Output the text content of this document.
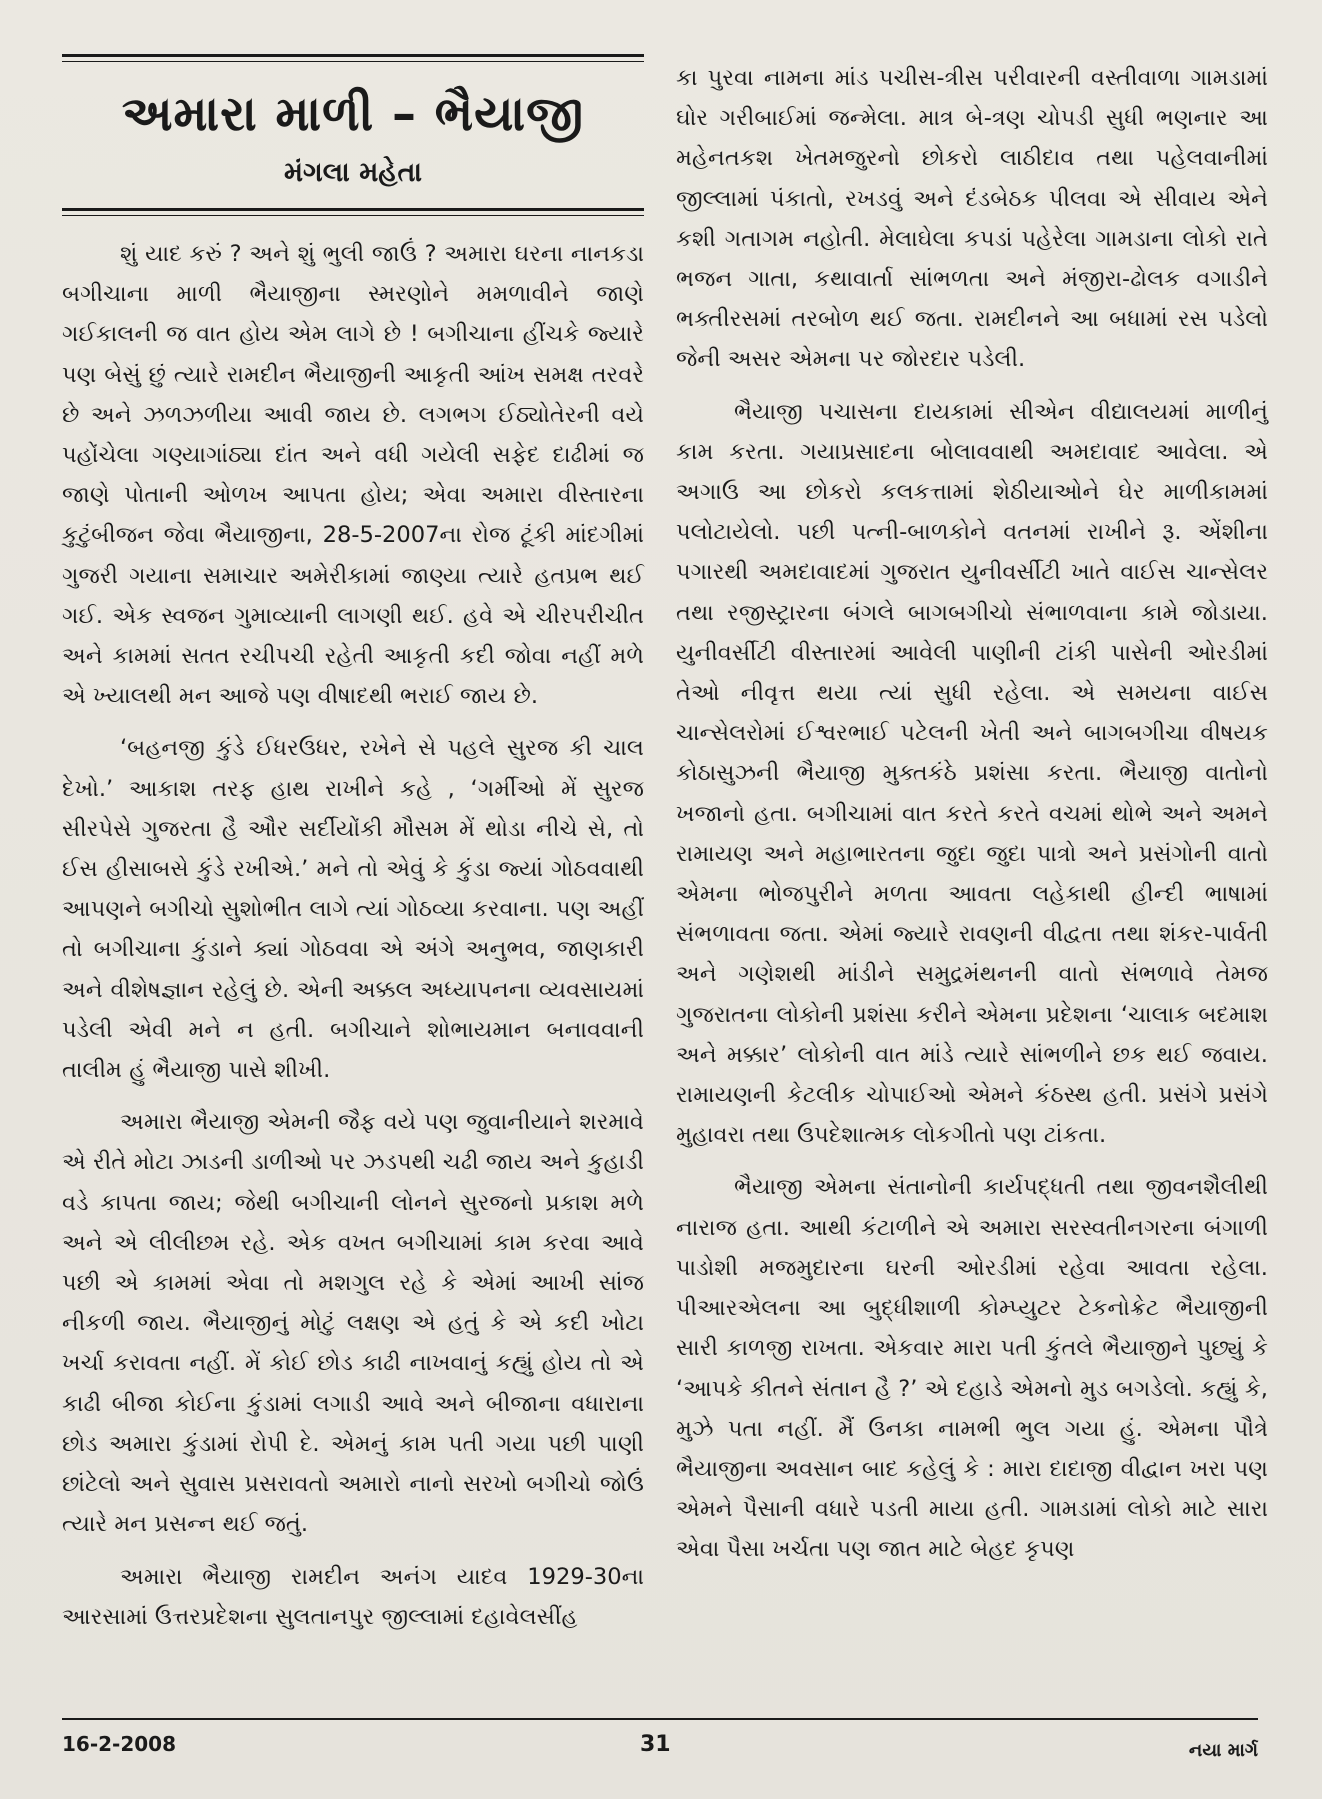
અમારા માળી – ભૈયાજી
મંગલા મહેતા

શું યાદ કરું ? અને શું ભુલી જાઉં ? અમારા ઘરના નાનકડા બગીચાના માળી ભૈયાજીના સ્મરણોને મમળાવીને જાણે ગઈકાલની જ વાત હોય એમ લાગે છે ! બગીચાના હીંચકે જ્યારે પણ બેસું છું ત્યારે રામદીન ભૈયાજીની આકૃતી આંખ સમક્ષ તરવરે છે અને ઝળઝળીયા આવી જાય છે. લગભગ ઈઠ્યોતેરની વયે પહોંચેલા ગણ્યાગાંઠ્યા દાંત અને વધી ગયેલી સફેદ દાઢીમાં જ જાણે પોતાની ઓળખ આપતા હોય; એવા અમારા વીસ્તારના કુટુંબીજન જેવા ભૈયાજીના, 28-5-2007ના રોજ ટૂંકી માંદગીમાં ગુજરી ગયાના સમાચાર અમેરીકામાં જાણ્યા ત્યારે હતપ્રભ થઈ ગઈ. એક સ્વજન ગુમાવ્યાની લાગણી થઈ. હવે એ ચીરપરીચીત અને કામમાં સતત રચીપચી રહેતી આકૃતી કદી જોવા નહીં મળે એ ખ્યાલથી મન આજે પણ વીષાદથી ભરાઈ જાય છે.

‘બહનજી કુંડે ઈધરઉધર, રખેને સે પહલે સુરજ કી ચાલ દેખો.’ આકાશ તરફ હાથ રાખીને કહે , ‘ગર્મીઓ મેં સુરજ સીરપેસે ગુજરતા હૈ ઔર સર્દીયોંકી મૌસમ મેં થોડા નીચે સે, તો ઈસ હીસાબસે કુંડે રખીએ.’ મને તો એવું કે કુંડા જ્યાં ગોઠવવાથી આપણને બગીચો સુશોભીત લાગે ત્યાં ગોઠવ્યા કરવાના. પણ અહીં તો બગીચાના કુંડાને ક્યાં ગોઠવવા એ અંગે અનુભવ, જાણકારી અને વીશેષજ્ઞાન રહેલું છે. એની અક્કલ અધ્યાપનના વ્યવસાયમાં પડેલી એવી મને ન હતી. બગીચાને શોભાયમાન બનાવવાની તાલીમ હું ભૈયાજી પાસે શીખી.

અમારા ભૈયાજી એમની જૈફ વયે પણ જુવાનીયાને શરમાવે એ રીતે મોટા ઝાડની ડાળીઓ પર ઝડપથી ચઢી જાય અને કુહાડી વડે કાપતા જાય; જેથી બગીચાની લોનને સુરજનો પ્રકાશ મળે અને એ લીલીછમ રહે. એક વખત બગીચામાં કામ કરવા આવે પછી એ કામમાં એવા તો મશગુલ રહે કે એમાં આખી સાંજ નીકળી જાય. ભૈયાજીનું મોટું લક્ષણ એ હતું કે એ કદી ખોટા ખર્ચા કરાવતા નહીં. મેં કોઈ છોડ કાઢી નાખવાનું કહ્યું હોય તો એ કાઢી બીજા કોઈના કુંડામાં લગાડી આવે અને બીજાના વધારાના છોડ અમારા કુંડામાં રોપી દે. એમનું કામ પતી ગયા પછી પાણી છાંટેલો અને સુવાસ પ્રસરાવતો અમારો નાનો સરખો બગીચો જોઉં ત્યારે મન પ્રસન્ન થઈ જતું.

અમારા ભૈયાજી રામદીન અનંગ યાદવ 1929-30ના આરસામાં ઉત્તરપ્રદેશના સુલતાનપુર જીલ્લામાં દહાવેલસીંહ

કા પુરવા નામના માંડ પચીસ-ત્રીસ પરીવારની વસ્તીવાળા ગામડામાં ઘોર ગરીબાઈમાં જન્મેલા. માત્ર બે-ત્રણ ચોપડી સુધી ભણનાર આ મહેનતકશ ખેતમજુરનો છોકરો લાઠીદાવ તથા પહેલવાનીમાં જીલ્લામાં પંકાતો, રખડવું અને દંડબેઠક પીલવા એ સીવાય એને કશી ગતાગમ નહોતી. મેલાઘેલા કપડાં પહેરેલા ગામડાના લોકો રાતે ભજન ગાતા, કથાવાર્તા સાંભળતા અને મંજીરા-ઢોલક વગાડીને ભક્તીરસમાં તરબોળ થઈ જતા. રામદીનને આ બધામાં રસ પડેલો જેની અસર એમના પર જોરદાર પડેલી.

ભૈયાજી પચાસના દાયકામાં સીએન વીદ્યાલયમાં માળીનું કામ કરતા. ગયાપ્રસાદના બોલાવવાથી અમદાવાદ આવેલા. એ અગાઉ આ છોકરો કલકત્તામાં શેઠીયાઓને ઘેર માળીકામમાં પલોટાયેલો. પછી પત્ની-બાળકોને વતનમાં રાખીને રૂ. એંશીના પગારથી અમદાવાદમાં ગુજરાત યુનીવર્સીટી ખાતે વાઈસ ચાન્સેલર તથા રજીસ્ટ્રારના બંગલે બાગબગીચો સંભાળવાના કામે જોડાયા. યુનીવર્સીટી વીસ્તારમાં આવેલી પાણીની ટાંકી પાસેની ઓરડીમાં તેઓ નીવૃત્ત થયા ત્યાં સુધી રહેલા. એ સમયના વાઈસ ચાન્સેલરોમાં ઈશ્વરભાઈ પટેલની ખેતી અને બાગબગીચા વીષયક કોઠાસુઝની ભૈયાજી મુક્તકંઠે પ્રશંસા કરતા. ભૈયાજી વાતોનો ખજાનો હતા. બગીચામાં વાત કરતે કરતે વચમાં થોભે અને અમને રામાયણ અને મહાભારતના જુદા જુદા પાત્રો અને પ્રસંગોની વાતો એમના ભોજપુરીને મળતા આવતા લહેકાથી હીન્દી ભાષામાં સંભળાવતા જતા. એમાં જ્યારે રાવણની વીદ્વતા તથા શંકર-પાર્વતી અને ગણેશથી માંડીને સમુદ્રમંથનની વાતો સંભળાવે તેમજ ગુજરાતના લોકોની પ્રશંસા કરીને એમના પ્રદેશના ‘ચાલાક બદમાશ અને મક્કાર’ લોકોની વાત માંડે ત્યારે સાંભળીને છક થઈ જવાય. રામાયણની કેટલીક ચોપાઈઓ એમને કંઠસ્થ હતી. પ્રસંગે પ્રસંગે મુહાવરા તથા ઉપદેશાત્મક લોકગીતો પણ ટાંકતા.

ભૈયાજી એમના સંતાનોની કાર્યપદ્ધતી તથા જીવનશૈલીથી નારાજ હતા. આથી કંટાળીને એ અમારા સરસ્વતીનગરના બંગાળી પાડોશી મજમુદારના ઘરની ઓરડીમાં રહેવા આવતા રહેલા. પીઆરએલના આ બુદ્ધીશાળી કોમ્પ્યુટર ટેકનોક્રેટ ભૈયાજીની સારી કાળજી રાખતા. એકવાર મારા પતી કુંતલે ભૈયાજીને પુછ્યું કે ‘આપકે કીતને સંતાન હૈ ?’ એ દહાડે એમનો મુડ બગડેલો. કહ્યું કે, મુઝે પતા નહીં. મૈં ઉનકા નામભી ભુલ ગયા હું. એમના પૌત્રે ભૈયાજીના અવસાન બાદ કહેલું કે : મારા દાદાજી વીદ્વાન ખરા પણ એમને પૈસાની વધારે પડતી માયા હતી. ગામડામાં લોકો માટે સારા એવા પૈસા ખર્ચતા પણ જાત માટે બેહદ કૃપણ

16-2-2008	31	નયા માર્ગ
